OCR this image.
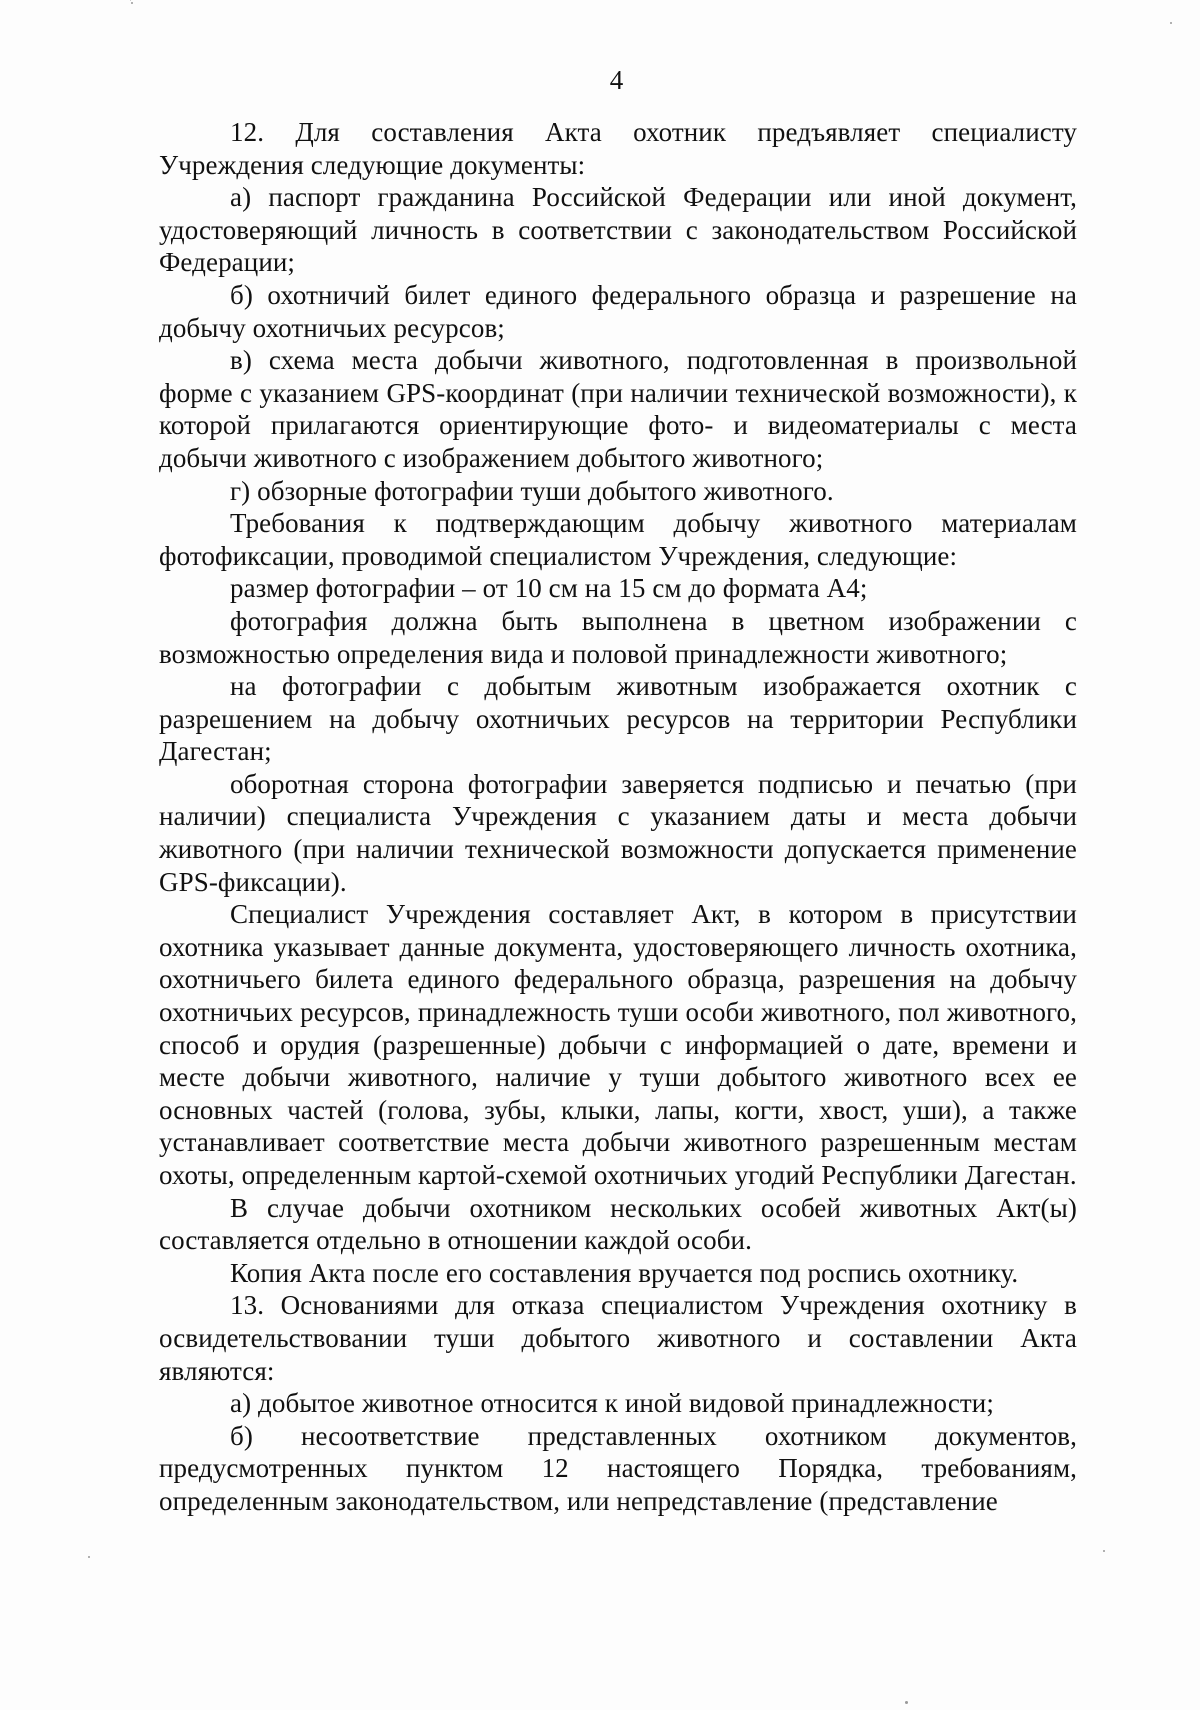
4

12. Для составления Акта охотник предъявляет специалисту Учреждения следующие документы:

а) паспорт гражданина Российской Федерации или иной документ, удостоверяющий личность в соответствии с законодательством Российской Федерации;

б) охотничий билет единого федерального образца и разрешение на добычу охотничьих ресурсов;

в) схема места добычи животного, подготовленная в произвольной форме с указанием GPS-координат (при наличии технической возможности), к которой прилагаются ориентирующие фото- и видеоматериалы с места добычи животного с изображением добытого животного;

г) обзорные фотографии туши добытого животного.

Требования к подтверждающим добычу животного материалам фотофиксации, проводимой специалистом Учреждения, следующие:

размер фотографии – от 10 см на 15 см до формата А4;

фотография должна быть выполнена в цветном изображении с возможностью определения вида и половой принадлежности животного;

на фотографии с добытым животным изображается охотник с разрешением на добычу охотничьих ресурсов на территории Республики Дагестан;

оборотная сторона фотографии заверяется подписью и печатью (при наличии) специалиста Учреждения с указанием даты и места добычи животного (при наличии технической возможности допускается применение GPS-фиксации).

Специалист Учреждения составляет Акт, в котором в присутствии охотника указывает данные документа, удостоверяющего личность охотника, охотничьего билета единого федерального образца, разрешения на добычу охотничьих ресурсов, принадлежность туши особи животного, пол животного, способ и орудия (разрешенные) добычи с информацией о дате, времени и месте добычи животного, наличие у туши добытого животного всех ее основных частей (голова, зубы, клыки, лапы, когти, хвост, уши), а также устанавливает соответствие места добычи животного разрешенным местам охоты, определенным картой-схемой охотничьих угодий Республики Дагестан.

В случае добычи охотником нескольких особей животных Акт(ы) составляется отдельно в отношении каждой особи.

Копия Акта после его составления вручается под роспись охотнику.

13. Основаниями для отказа специалистом Учреждения охотнику в освидетельствовании туши добытого животного и составлении Акта являются:

а) добытое животное относится к иной видовой принадлежности;

б) несоответствие представленных охотником документов, предусмотренных пунктом 12 настоящего Порядка, требованиям, определенным законодательством, или непредставление (представление
